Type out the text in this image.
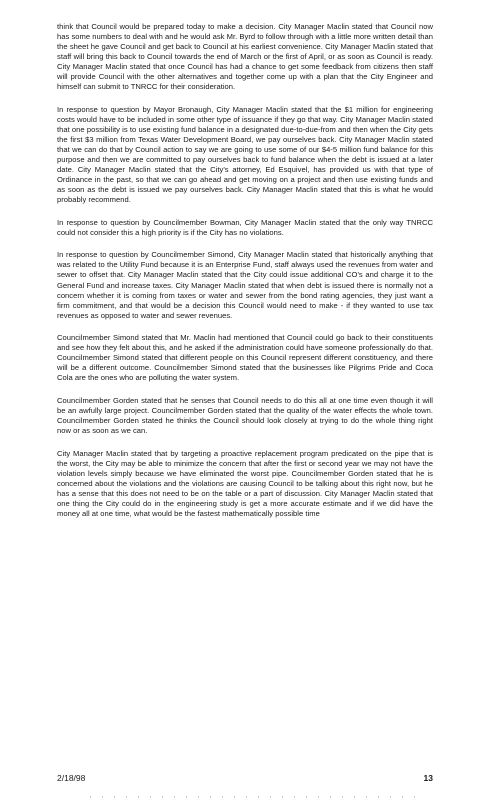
think that Council would be prepared today to make a decision. City Manager Maclin stated that Council now has some numbers to deal with and he would ask Mr. Byrd to follow through with a little more written detail than the sheet he gave Council and get back to Council at his earliest convenience. City Manager Maclin stated that staff will bring this back to Council towards the end of March or the first of April, or as soon as Council is ready. City Manager Maclin stated that once Council has had a chance to get some feedback from citizens then staff will provide Council with the other alternatives and together come up with a plan that the City Engineer and himself can submit to TNRCC for their consideration.

In response to question by Mayor Bronaugh, City Manager Maclin stated that the $1 million for engineering costs would have to be included in some other type of issuance if they go that way. City Manager Maclin stated that one possibility is to use existing fund balance in a designated due-to-due-from and then when the City gets the first $3 million from Texas Water Development Board, we pay ourselves back. City Manager Maclin stated that we can do that by Council action to say we are going to use some of our $4-5 million fund balance for this purpose and then we are committed to pay ourselves back to fund balance when the debt is issued at a later date. City Manager Maclin stated that the City's attorney, Ed Esquivel, has provided us with that type of Ordinance in the past, so that we can go ahead and get moving on a project and then use existing funds and as soon as the debt is issued we pay ourselves back. City Manager Maclin stated that this is what he would probably recommend.

In response to question by Councilmember Bowman, City Manager Maclin stated that the only way TNRCC could not consider this a high priority is if the City has no violations.

In response to question by Councilmember Simond, City Manager Maclin stated that historically anything that was related to the Utility Fund because it is an Enterprise Fund, staff always used the revenues from water and sewer to offset that. City Manager Maclin stated that the City could issue additional CO's and charge it to the General Fund and increase taxes. City Manager Maclin stated that when debt is issued there is normally not a concern whether it is coming from taxes or water and sewer from the bond rating agencies, they just want a firm commitment, and that would be a decision this Council would need to make - if they wanted to use tax revenues as opposed to water and sewer revenues.

Councilmember Simond stated that Mr. Maclin had mentioned that Council could go back to their constituents and see how they felt about this, and he asked if the administration could have someone professionally do that. Councilmember Simond stated that different people on this Council represent different constituency, and there will be a different outcome. Councilmember Simond stated that the businesses like Pilgrims Pride and Coca Cola are the ones who are polluting the water system.

Councilmember Gorden stated that he senses that Council needs to do this all at one time even though it will be an awfully large project. Councilmember Gorden stated that the quality of the water effects the whole town. Councilmember Gorden stated he thinks the Council should look closely at trying to do the whole thing right now or as soon as we can.

City Manager Maclin stated that by targeting a proactive replacement program predicated on the pipe that is the worst, the City may be able to minimize the concern that after the first or second year we may not have the violation levels simply because we have eliminated the worst pipe. Councilmember Gorden stated that he is concerned about the violations and the violations are causing Council to be talking about this right now, but he has a sense that this does not need to be on the table or a part of discussion. City Manager Maclin stated that one thing the City could do in the engineering study is get a more accurate estimate and if we did have the money all at one time, what would be the fastest mathematically possible time

2/18/98	13
